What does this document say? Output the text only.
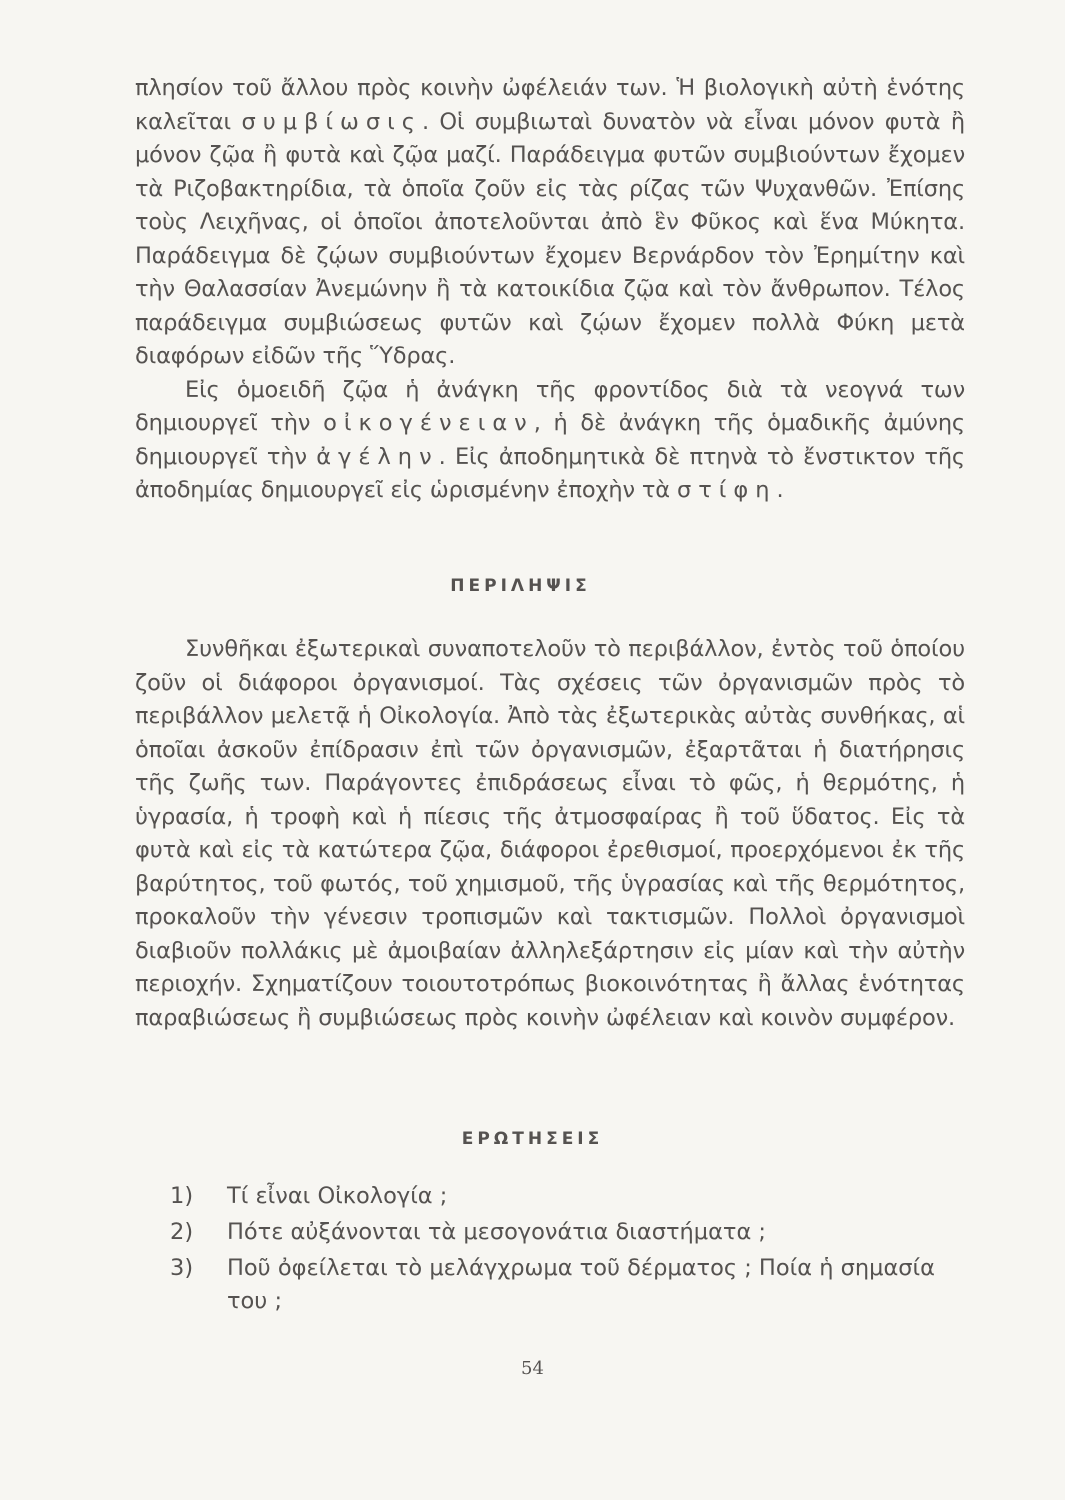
πλησίον τοῦ ἄλλου πρὸς κοινὴν ὠφέλειάν των. Ἡ βιολογικὴ αὐτὴ ἑνότης καλεῖται συμβίωσις. Οἱ συμβιωταὶ δυνατὸν νὰ εἶναι μόνον φυτὰ ἢ μόνον ζῷα ἢ φυτὰ καὶ ζῷα μαζί. Παράδειγμα φυτῶν συμβιούντων ἔχομεν τὰ Ριζοβακτηρίδια, τὰ ὁποῖα ζοῦν εἰς τὰς ρίζας τῶν Ψυχανθῶν. Ἐπίσης τοὺς Λειχῆνας, οἱ ὁποῖοι ἀποτελοῦνται ἀπὸ ἓν Φῦκος καὶ ἕνα Μύκητα. Παράδειγμα δὲ ζῴων συμβιούντων ἔχομεν Βερνάρδον τὸν Ἐρημίτην καὶ τὴν Θαλασσίαν Ἀνεμώνην ἢ τὰ κατοικίδια ζῷα καὶ τὸν ἄνθρωπον. Τέλος παράδειγμα συμβιώσεως φυτῶν καὶ ζῴων ἔχομεν πολλὰ Φύκη μετὰ διαφόρων εἰδῶν τῆς Ὕδρας.
Εἰς ὁμοειδῆ ζῷα ἡ ἀνάγκη τῆς φροντίδος διὰ τὰ νεογνά των δημιουργεῖ τὴν οἰκογένειαν, ἡ δὲ ἀνάγκη τῆς ὁμαδικῆς ἀμύνης δημιουργεῖ τὴν ἀγέλην. Εἰς ἀποδημητικὰ δὲ πτηνὰ τὸ ἔνστικτον τῆς ἀποδημίας δημιουργεῖ εἰς ὡρισμένην ἐποχὴν τὰ στίφη.

ΠΕΡΙΛΗΨΙΣ

Συνθῆκαι ἐξωτερικαὶ συναποτελοῦν τὸ περιβάλλον, ἐντὸς τοῦ ὁποίου ζοῦν οἱ διάφοροι ὀργανισμοί. Τὰς σχέσεις τῶν ὀργανισμῶν πρὸς τὸ περιβάλλον μελετᾷ ἡ Οἰκολογία. Ἀπὸ τὰς ἐξωτερικὰς αὐτὰς συνθήκας, αἱ ὁποῖαι ἀσκοῦν ἐπίδρασιν ἐπὶ τῶν ὀργανισμῶν, ἐξαρτᾶται ἡ διατήρησις τῆς ζωῆς των. Παράγοντες ἐπιδράσεως εἶναι τὸ φῶς, ἡ θερμότης, ἡ ὑγρασία, ἡ τροφὴ καὶ ἡ πίεσις τῆς ἀτμοσφαίρας ἢ τοῦ ὕδατος. Εἰς τὰ φυτὰ καὶ εἰς τὰ κατώτερα ζῷα, διάφοροι ἐρεθισμοί, προερχόμενοι ἐκ τῆς βαρύτητος, τοῦ φωτός, τοῦ χημισμοῦ, τῆς ὑγρασίας καὶ τῆς θερμότητος, προκαλοῦν τὴν γένεσιν τροπισμῶν καὶ τακτισμῶν. Πολλοὶ ὀργανισμοὶ διαβιοῦν πολλάκις μὲ ἀμοιβαίαν ἀλληλεξάρτησιν εἰς μίαν καὶ τὴν αὐτὴν περιοχήν. Σχηματίζουν τοιουτοτρόπως βιοκοινότητας ἢ ἄλλας ἑνότητας παραβιώσεως ἢ συμβιώσεως πρὸς κοινὴν ὠφέλειαν καὶ κοινὸν συμφέρον.

ΕΡΩΤΗΣΕΙΣ
1) Τί εἶναι Οἰκολογία ;
2) Πότε αὐξάνονται τὰ μεσογονάτια διαστήματα ;
3) Ποῦ ὀφείλεται τὸ μελάγχρωμα τοῦ δέρματος ; Ποία ἡ σημασία του ;

54
